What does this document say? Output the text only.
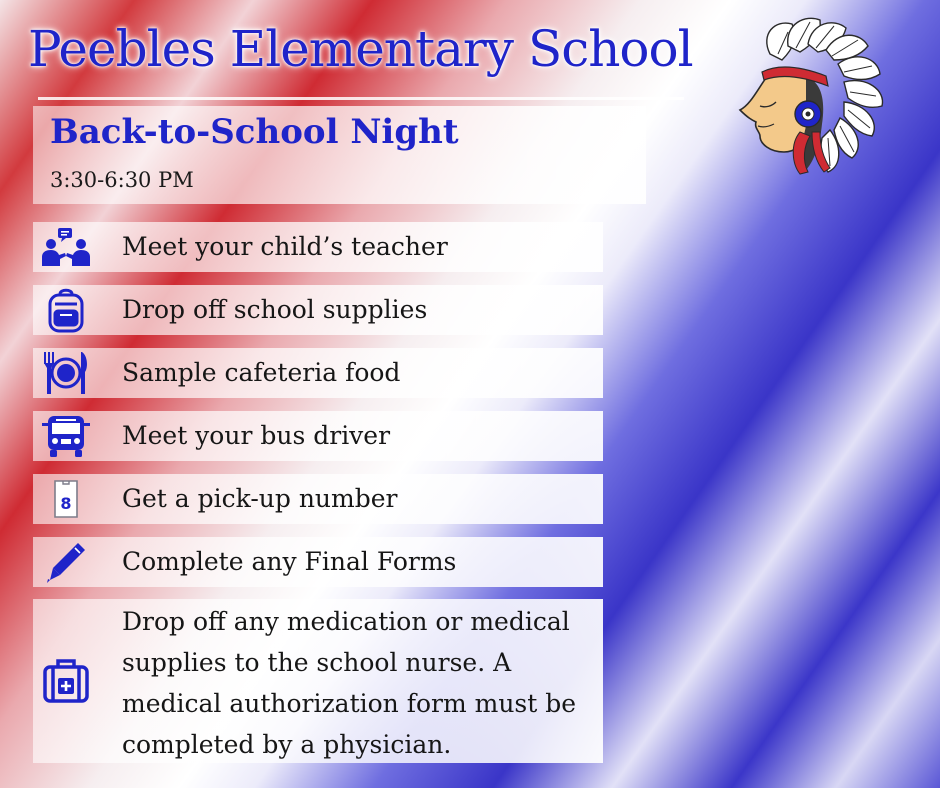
Peebles Elementary School
Back-to-School Night
3:30-6:30 PM
Meet your child’s teacher
Drop off school supplies
Sample cafeteria food
Meet your bus driver
8 Get a pick-up number
Complete any Final Forms
Drop off any medication or medical supplies to the school nurse. A medical authorization form must be completed by a physician.
